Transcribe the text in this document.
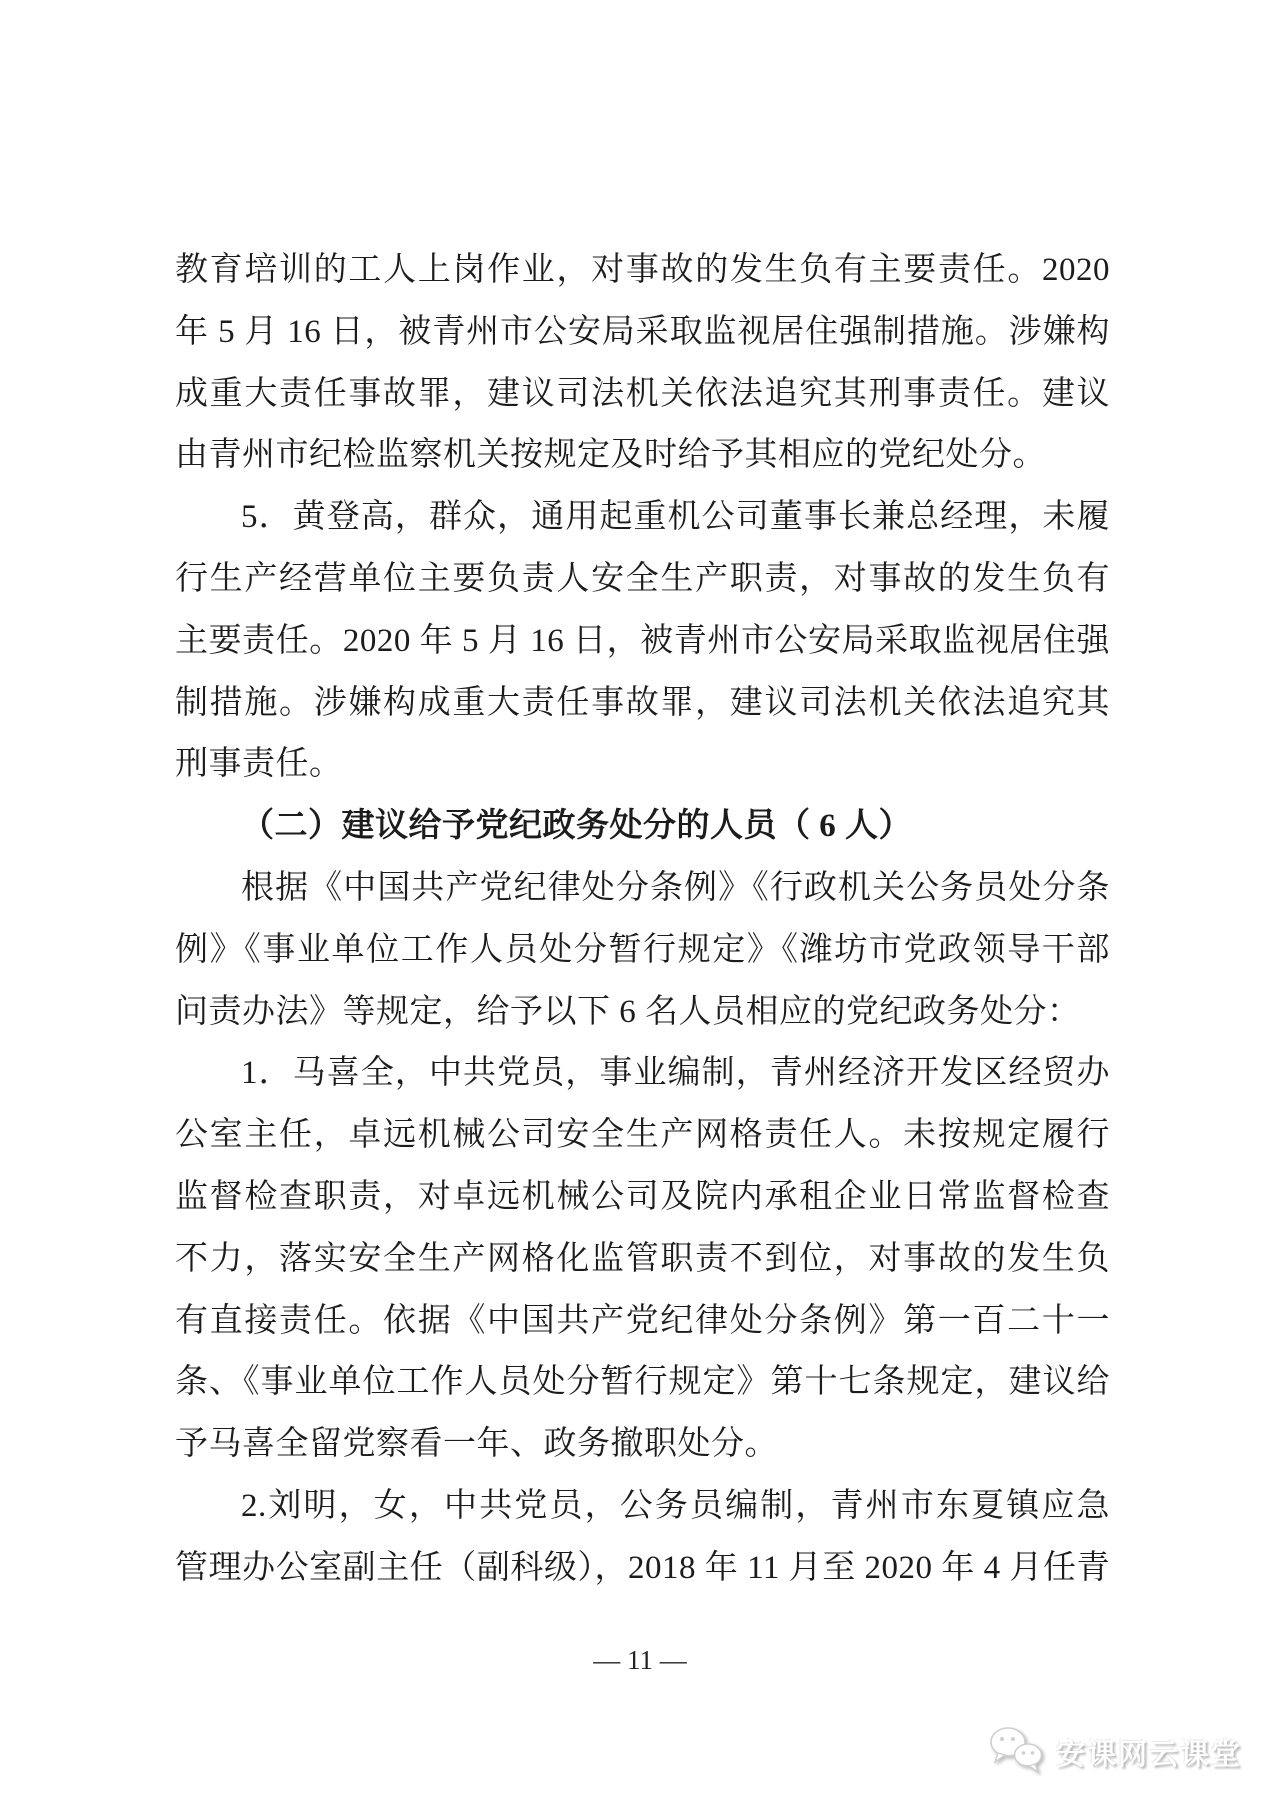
教育培训的工人上岗作业，对事故的发生负有主要责任。2020
年 5 月 16 日，被青州市公安局采取监视居住强制措施。涉嫌构
成重大责任事故罪，建议司法机关依法追究其刑事责任。建议
由青州市纪检监察机关按规定及时给予其相应的党纪处分。
5．黄登高，群众，通用起重机公司董事长兼总经理，未履
行生产经营单位主要负责人安全生产职责，对事故的发生负有
主要责任。2020 年 5 月 16 日，被青州市公安局采取监视居住强
制措施。涉嫌构成重大责任事故罪，建议司法机关依法追究其
刑事责任。
（二）建议给予党纪政务处分的人员（ 6 人）
根据《中国共产党纪律处分条例》《行政机关公务员处分条
例》《事业单位工作人员处分暂行规定》《潍坊市党政领导干部
问责办法》等规定，给予以下 6 名人员相应的党纪政务处分：
1．马喜全，中共党员，事业编制，青州经济开发区经贸办
公室主任，卓远机械公司安全生产网格责任人。未按规定履行
监督检查职责，对卓远机械公司及院内承租企业日常监督检查
不力，落实安全生产网格化监管职责不到位，对事故的发生负
有直接责任。依据《中国共产党纪律处分条例》第一百二十一
条、《事业单位工作人员处分暂行规定》第十七条规定，建议给
予马喜全留党察看一年、政务撤职处分。
2.刘明，女，中共党员，公务员编制，青州市东夏镇应急
管理办公室副主任（副科级），2018 年 11 月至 2020 年 4 月任青
— 11 —
安课网云课堂
